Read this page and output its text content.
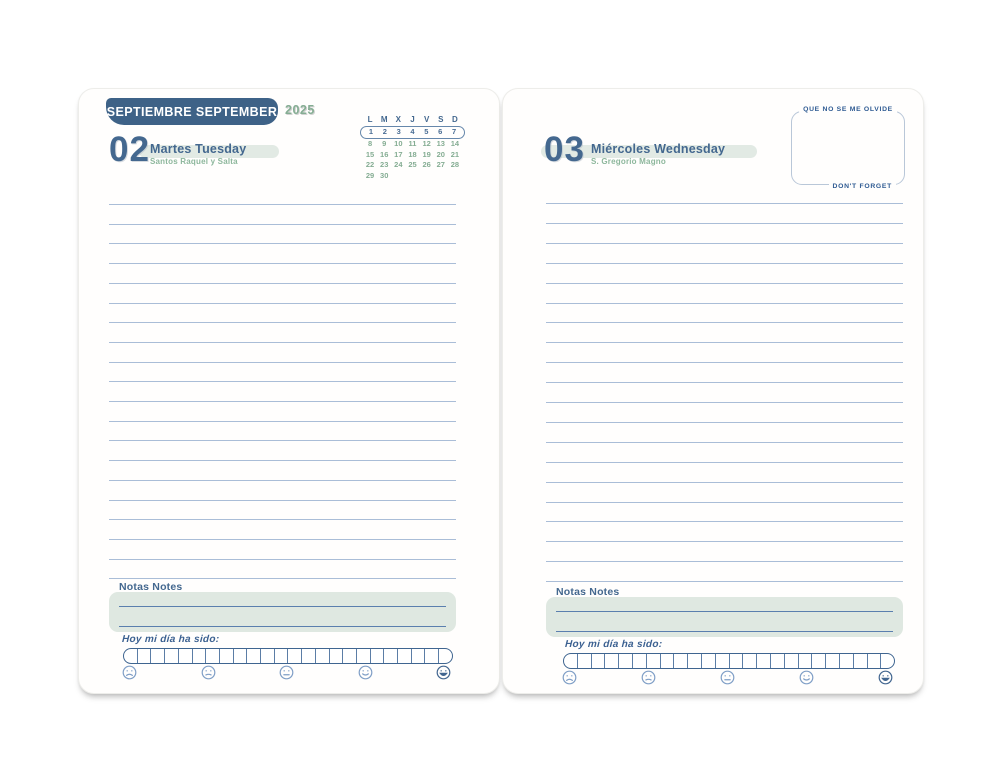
SEPTIEMBRE SEPTEMBER 2025
02 Martes Tuesday
Santos Raquel y Salta
L	M	X	J	V	S	D
1	2	3	4	5	6	7
8	9	10 11 12 13 14
15 16 17 18 19 20 21
22 23 24 25 26 27 28
29 30
Notas Notes
Hoy mi día ha sido:
QUE NO SE ME OLVIDE
DON'T FORGET
03 Miércoles Wednesday
S. Gregorio Magno
Notas Notes
Hoy mi día ha sido:
